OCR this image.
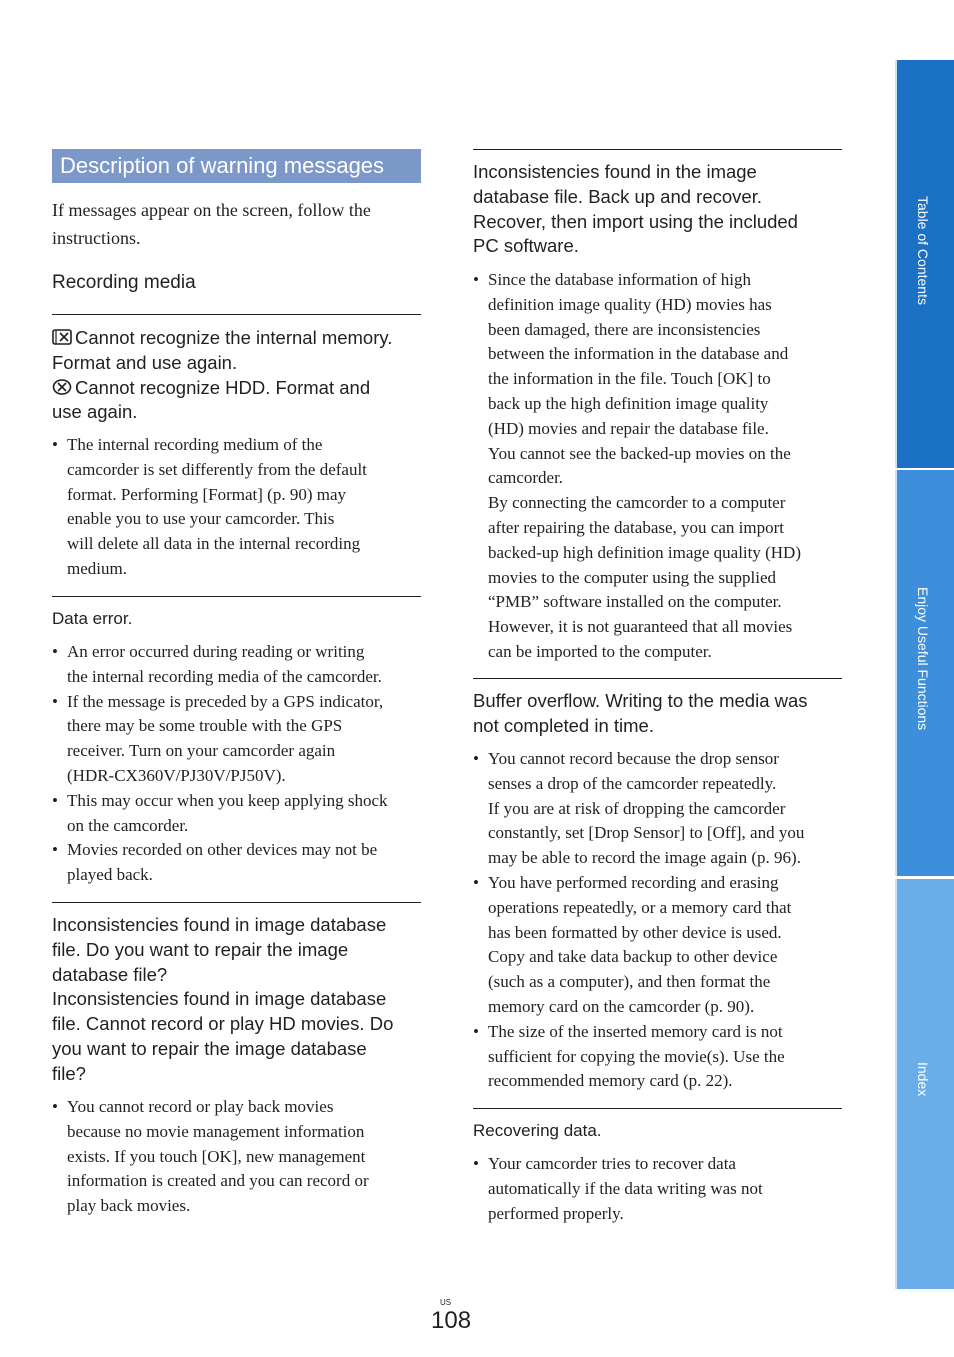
Description of warning messages

If messages appear on the screen, follow the
instructions.

Recording media
Cannot recognize the internal memory.
Format and use again.
Cannot recognize HDD. Format and
use again.
• The internal recording medium of the
camcorder is set differently from the default
format. Performing [Format] (p. 90) may
enable you to use your camcorder. This
will delete all data in the internal recording
medium.
Data error.
• An error occurred during reading or writing
the internal recording media of the camcorder.
• If the message is preceded by a GPS indicator,
there may be some trouble with the GPS
receiver. Turn on your camcorder again
(HDR-CX360V/PJ30V/PJ50V).
• This may occur when you keep applying shock
on the camcorder.
• Movies recorded on other devices may not be
played back.
Inconsistencies found in image database
file. Do you want to repair the image
database file?
Inconsistencies found in image database
file. Cannot record or play HD movies. Do
you want to repair the image database
file?
• You cannot record or play back movies
because no movie management information
exists. If you touch [OK], new management
information is created and you can record or
play back movies.
Inconsistencies found in the image
database file. Back up and recover.
Recover, then import using the included
PC software.
• Since the database information of high
definition image quality (HD) movies has
been damaged, there are inconsistencies
between the information in the database and
the information in the file. Touch [OK] to
back up the high definition image quality
(HD) movies and repair the database file.
You cannot see the backed-up movies on the
camcorder.
By connecting the camcorder to a computer
after repairing the database, you can import
backed-up high definition image quality (HD)
movies to the computer using the supplied
“PMB” software installed on the computer.
However, it is not guaranteed that all movies
can be imported to the computer.
Buffer overflow. Writing to the media was
not completed in time.
• You cannot record because the drop sensor
senses a drop of the camcorder repeatedly.
If you are at risk of dropping the camcorder
constantly, set [Drop Sensor] to [Off], and you
may be able to record the image again (p. 96).
• You have performed recording and erasing
operations repeatedly, or a memory card that
has been formatted by other device is used.
Copy and take data backup to other device
(such as a computer), and then format the
memory card on the camcorder (p. 90).
• The size of the inserted memory card is not
sufficient for copying the movie(s). Use the
recommended memory card (p. 22).
Recovering data.
• Your camcorder tries to recover data
automatically if the data writing was not
performed properly.
Table of Contents
Enjoy Useful Functions
Index
US
108
